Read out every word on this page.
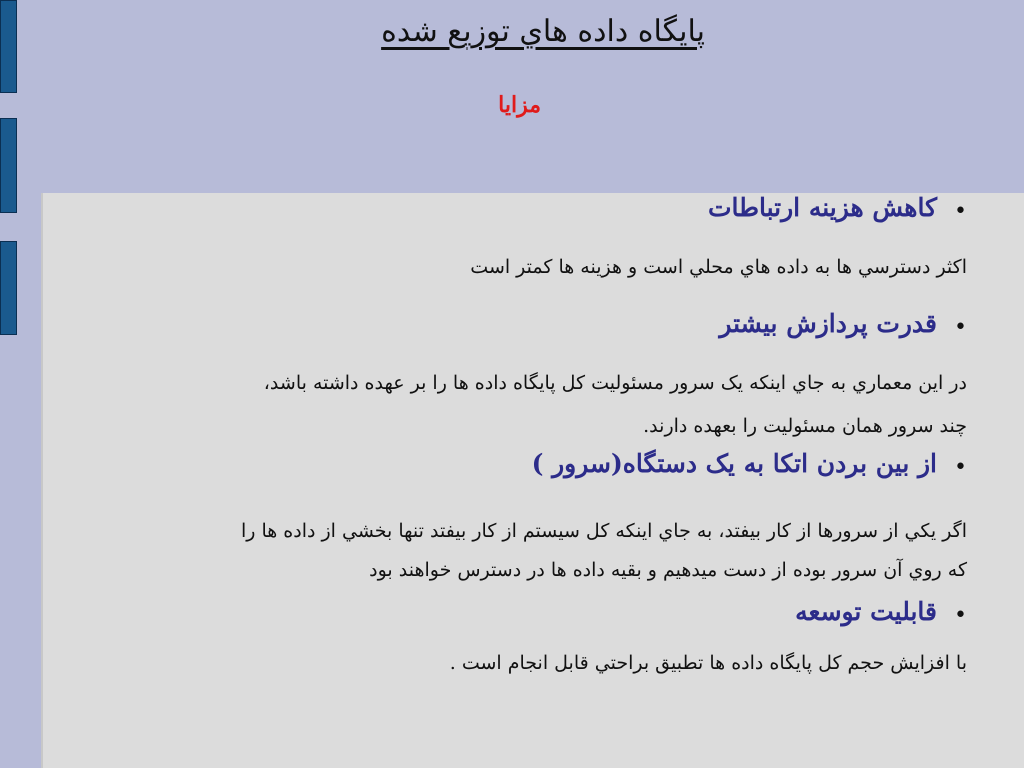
پايگاه داده هاي توزيع شده
مزايا
•
کاهش هزينه ارتباطات

اکثر دسترسي ها به داده هاي محلي است و هزينه ها کمتر است

•
قدرت پردازش بيشتر

در اين معماري به جاي اينکه يک سرور مسئوليت کل پايگاه داده ها را بر عهده داشته باشد،

چند سرور همان مسئوليت را بعهده دارند.

•
از بين بردن اتکا به يک دستگاه(سرور )

اگر يکي از سرورها از کار بيفتد، به جاي اينکه کل سيستم از کار بيفتد تنها بخشي از داده ها را

که روي آن سرور بوده از دست ميدهيم و بقيه داده ها در دسترس خواهند بود

•
قابليت توسعه

با افزايش حجم کل پايگاه داده ها تطبيق براحتي قابل انجام است .
